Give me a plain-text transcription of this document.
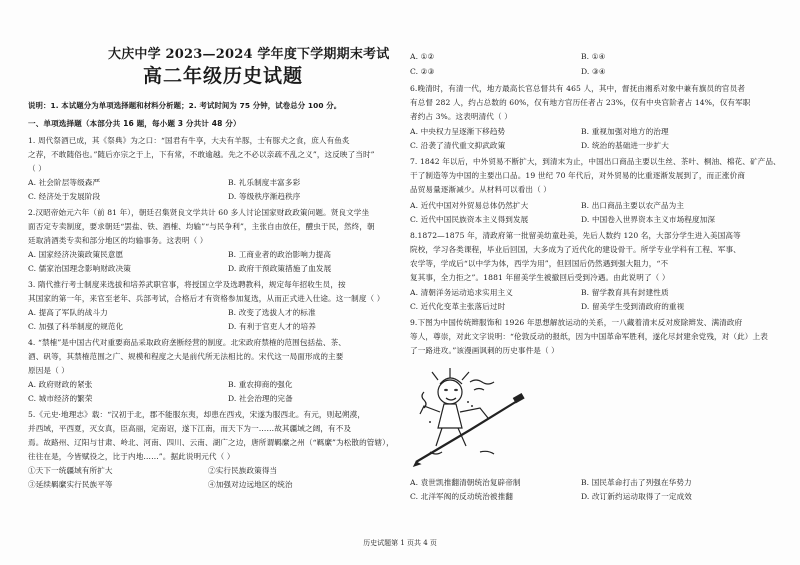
大庆中学 2023—2024 学年度下学期期末考试
高二年级历史试题
说明：1. 本试题分为单项选择题和材料分析题；2. 考试时间为 75 分钟，试卷总分 100 分。
一、单项选择题（本部分共 16 题，每小题 3 分共计 48 分）
1. 周代祭酒已成，其《祭典》为之口：“国君有牛享，大夫有羊豚，士有豚犬之食，庶人有鱼炙
之荐，不敢随俗也。”随后亦宗之于上，下有常，不敢逾越。先之不必以亲疏不乱之义”，这反映了当时”
（ ）
A. 社会阶层等级森严	B. 礼乐制度丰富多彩
C. 经济处于发展阶段	D. 等级秩序渐趋秩序
2.汉昭帝始元六年（前 81 年），朝廷召集贤良文学共计 60 多人讨论国家财政政策问题。贤良文学坐
面否定专卖制度，要求朝廷“罢盐、铁、酒榷、均输”“与民争利”，主张自由放任，醴虫于民，然终，朝
廷取消酒类专卖和部分地区的均输事务。这表明（ ）
A. 国家经济决策政策民意愿	B. 工商业者的政治影响力提高
C. 儒家治国理念影响财政决策	D. 政府干预政策措施了血发展
3. 隋代推行考士制度来选拔和培养武职官事，将授国立学及选聘教科，规定每年招收生员，按
其国家的第一年，来官至老年、兵部考试，合格后才有资格参加复选，从而正式进入仕途。这一制度（ ）
A. 提高了军队的战斗力	B. 改变了选拔人才的标准
C. 加强了科举制度的规范化	D. 有利于官吏人才的培养
4. “禁榷”是中国古代对重要商品采取政府垄断经营的制度。北宋政府禁榷的范围包括盐、茶、
酒、矾等，其禁榷范围之广、规模和程度之大是前代所无法相比的。宋代这一局面形成的主要
原因是（ ）
A. 政府财政的紧张	B. 重农抑商的强化
C. 城市经济的繁荣	D. 社会治理的完备
5.《元史·地理志》载：“汉初于北，郡不能服东夷，却患在西戎，宋遂为服西北。有元，则起朔漠，
并西域，平西夏，灭女真，臣高丽，定南诏，遂下江南，而天下为一……故其疆域之阔，有不及
焉。故路州、辽阳与甘肃、岭北、河南、四川、云南、湖广之边，唐所谓羁縻之州（“羁縻”为松散的管辖），
往往在是，今皆赋役之，比于内地……”。据此说明元代（ ）
①天下一统疆域有所扩大	②实行民族政策得当
③延续羁縻实行民族平等	④加强对边远地区的统治
A. ①②	B. ①④
C. ②③	D. ③④
6.晚清时，有清一代，地方最高长官总督共有 465 人，其中，督抚由湘系对象中兼有旗员的官员者
有总督 282 人，约占总数的 60%，仅有地方官历任者占 23%，仅有中央官阶者占 14%，仅有军职
者约占 3%。这表明清代（ ）
A. 中央权力呈逐渐下移趋势	B. 重视加强对地方的治理
C. 沿袭了清代重文抑武政策	D. 统治的基础进一步扩大
7. 1842 年以后，中外贸易不断扩大，到清末为止，中国出口商品主要以生丝、茶叶、桐油、棉花、矿产品、
干了制造等为中国的主要出口品。19 世纪 70 年代后，对外贸易的比重逐渐发展到了，而正涨价商
品贸易量逐渐减少。从材料可以看出（ ）
A. 近代中国对外贸易总体仍然扩大	B. 出口商品主要以农产品为主
C. 近代中国民族资本主义得到发展	D. 中国卷入世界资本主义市场程度加深
8.1872—1875 年，清政府第一批留美幼童赴美，先后人数约 120 名，大部分学生进入美国高等
院校，学习各类课程，毕业后回国，大多成为了近代化的建设骨干。所学专业学科有工程、军事、
农学等，学成后“以中学为体，西学为用”，但回国后仍然遇到强大阻力，“不
复其事，全力拒之”。1881 年留美学生被撤回后受到冷遇。由此说明了（ ）
A. 清朝洋务运动追求实用主义	B. 留学教育具有封建性质
C. 近代化变革主张落后过时	D. 留美学生受到清政府的重视
9.下图为中国传统辫服饰和 1926 年思想解放运动的关系，一八藏着清末反对废除辫发、满清政府
等人，尊崇，对此文字说明：“伦敦反动的报纸，因为中国革命军胜利，遂化尽封建余党残，对（此）上表
了一路进攻。”该漫画讽刺的历史事件是（ ）
A. 袁世凯推翻清朝统治复辟帝制	B. 国民革命打击了列强在华势力
C. 北洋军阀的反动统治被推翻	D. 改订新约运动取得了一定成效
历史试题第 1 页共 4 页
